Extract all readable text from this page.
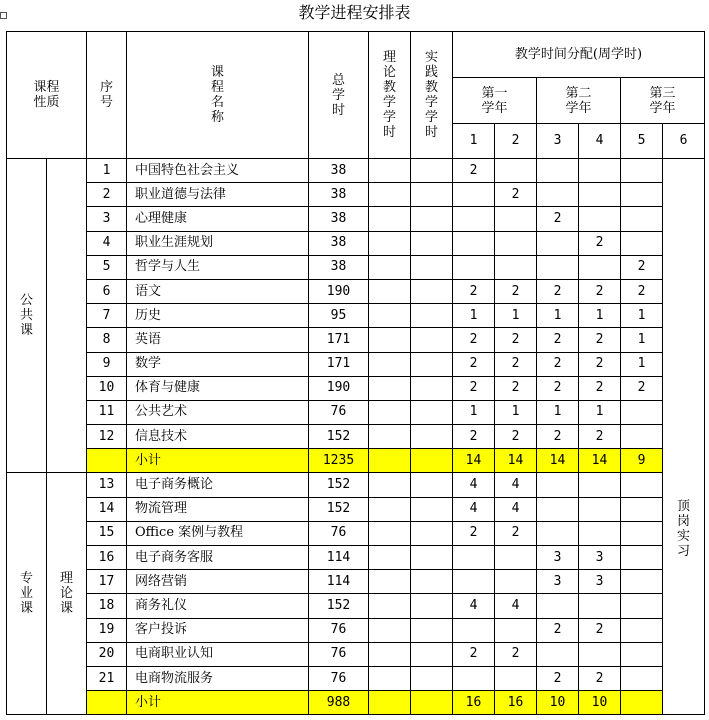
教学进程安排表
课程性质		序号	课程名称	总学时	理论教学学时	实践教学学时	教学时间分配(周学时)					
							第一学年		第二学年		第三学年	
							1	2	3	4	5	6
公共课		1	中国特色社会主义	38			2					顶岗实习
		2	职业道德与法律	38				2				
		3	心理健康	38					2			
		4	职业生涯规划	38						2		
		5	哲学与人生	38							2	
		6	语文	190			2	2	2	2	2	
		7	历史	95			1	1	1	1	1	
		8	英语	171			2	2	2	2	1	
		9	数学	171			2	2	2	2	1	
		10	体育与健康	190			2	2	2	2	2	
		11	公共艺术	76			1	1	1	1		
		12	信息技术	152			2	2	2	2		
			小计	1235			14	14	14	14	9	
专业课	理论课	13	电子商务概论	152			4	4				
		14	物流管理	152			4	4				
		15	Office 案例与教程	76			2	2				
		16	电子商务客服	114					3	3		
		17	网络营销	114					3	3		
		18	商务礼仪	152			4	4				
		19	客户投诉	76					2	2		
		20	电商职业认知	76			2	2				
		21	电商物流服务	76					2	2		
			小计	988			16	16	10	10		
